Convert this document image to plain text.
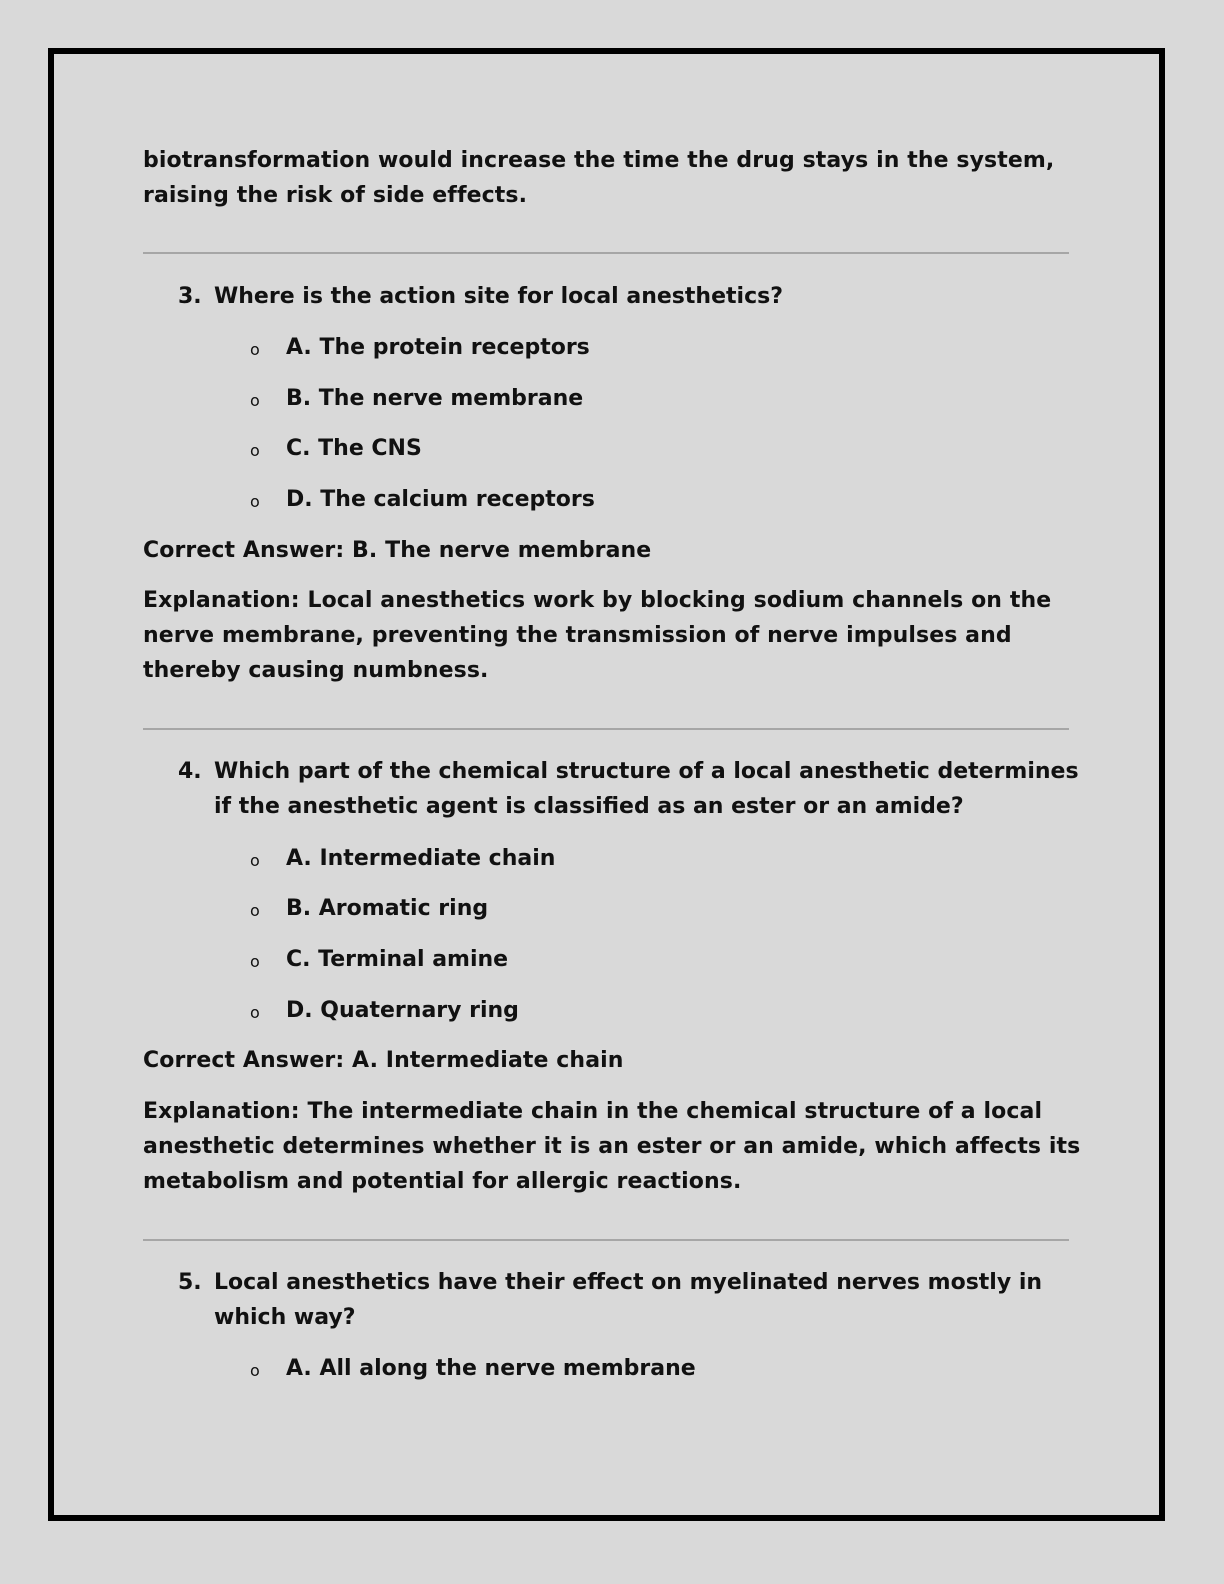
biotransformation would increase the time the drug stays in the system,
raising the risk of side effects.
3. Where is the action site for local anesthetics?
o A. The protein receptors
o B. The nerve membrane
o C. The CNS
o D. The calcium receptors
Correct Answer: B. The nerve membrane
Explanation: Local anesthetics work by blocking sodium channels on the
nerve membrane, preventing the transmission of nerve impulses and
thereby causing numbness.
4. Which part of the chemical structure of a local anesthetic determines
if the anesthetic agent is classified as an ester or an amide?
o A. Intermediate chain
o B. Aromatic ring
o C. Terminal amine
o D. Quaternary ring
Correct Answer: A. Intermediate chain
Explanation: The intermediate chain in the chemical structure of a local
anesthetic determines whether it is an ester or an amide, which affects its
metabolism and potential for allergic reactions.
5. Local anesthetics have their effect on myelinated nerves mostly in
which way?
o A. All along the nerve membrane
